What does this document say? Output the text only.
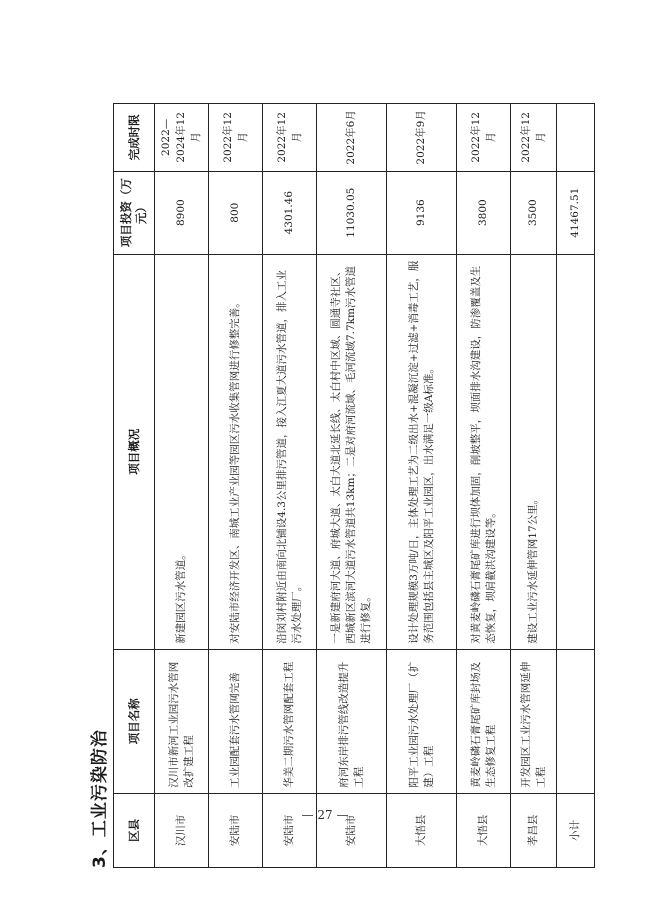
3、工业污染防治	区县	项目名称	项目概况	项目投资（万元）	完成时限
汉川市	汉川市新河工业园污水管网改扩建工程	新建园区污水管道。	8900	2022—2024年12月
安陆市	工业园配套污水管网完善	对安陆市经济开发区、南城工业产业园等园区污水收集管网进行修整完善。	800	2022年12月
安陆市	华美二期污水管网配套工程	沿闵刘村附近由南向北铺设4.3公里排污管道，接入江夏大道污水管道，排入工业污水处理厂。	4301.46	2022年12月
安陆市	府河东岸排污管线改造提升工程	一是新建府河大道、府城大道、太白大道北延长线、太白村中区域、圆通寺社区、西城新区滨河大道污水管道共13km；二是对府河流域、毛河流域7.7km污水管道进行修复。	11030.05	2022年6月
大悟县	阳平工业园污水处理厂（扩建）工程	设计处理规模3万吨/日，主体处理工艺为二级出水+混凝沉淀+过滤+消毒工艺，服务范围包括县主城区及阳平工业园区，出水满足一级A标准。	9136	2022年9月
大悟县	黄麦岭磷石膏尾矿库封场及生态修复工程	对黄麦岭磷石膏尾矿库进行坝体加固，削坡整平，坝面排水沟建设，防渗覆盖及生态恢复，坝肩截洪沟建设等。	3800	2022年12月
孝昌县	开发园区工业污水管网延伸工程	建设工业污水延伸管网17公里。	3500	2022年12月
小计			41467.51	
— 27 —
